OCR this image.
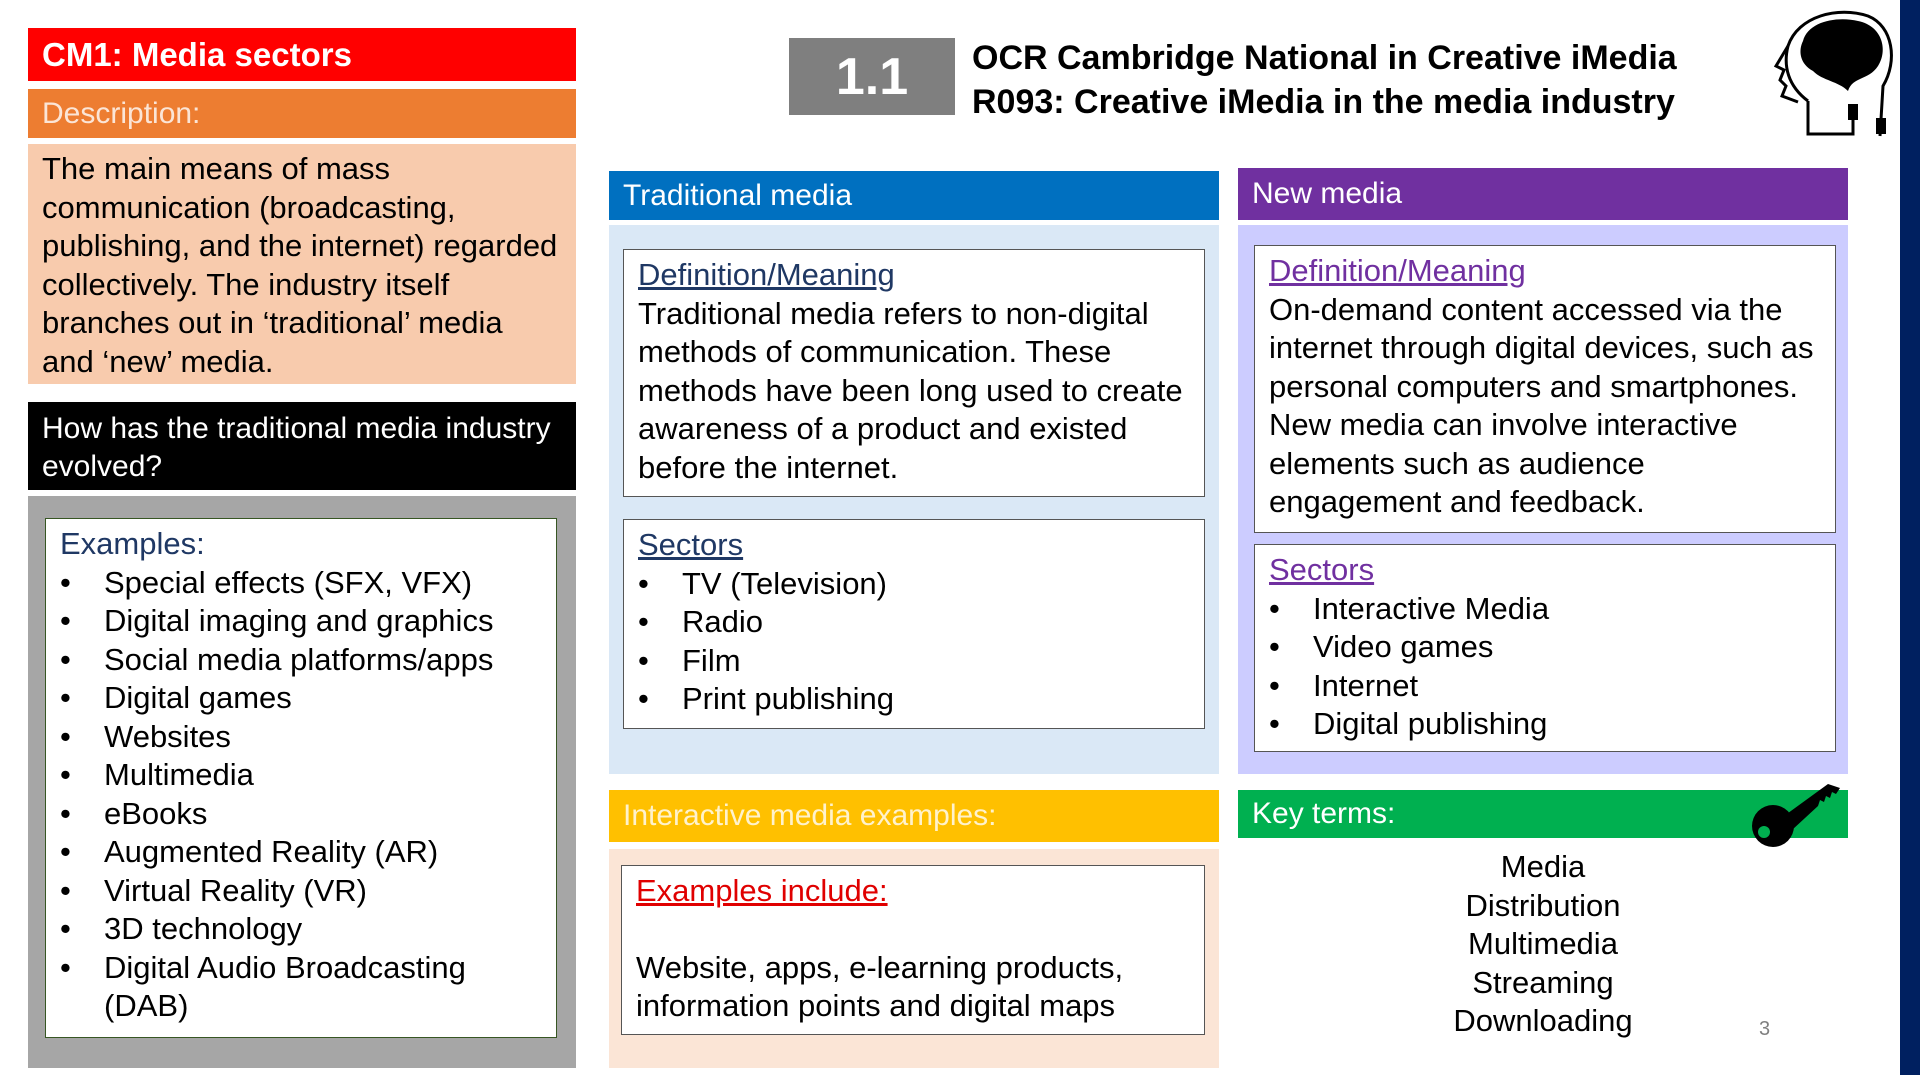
CM1: Media sectors
Description:
The main means of mass communication (broadcasting, publishing, and the internet) regarded collectively. The industry itself branches out in ‘traditional’ media and ‘new’ media.
How has the traditional media industry evolved?
Examples:
• Special effects (SFX, VFX)
• Digital imaging and graphics
• Social media platforms/apps
• Digital games
• Websites
• Multimedia
• eBooks
• Augmented Reality (AR)
• Virtual Reality (VR)
• 3D technology
• Digital Audio Broadcasting (DAB)
1.1	OCR Cambridge National in Creative iMedia
R093: Creative iMedia in the media industry
Traditional media
Definition/Meaning
Traditional media refers to non-digital methods of communication. These methods have been long used to create awareness of a product and existed before the internet.
Sectors
• TV (Television)
• Radio
• Film
• Print publishing
Interactive media examples:
Examples include:
Website, apps, e-learning products, information points and digital maps
New media
Definition/Meaning
On-demand content accessed via the internet through digital devices, such as personal computers and smartphones. New media can involve interactive elements such as audience engagement and feedback.
Sectors
• Interactive Media
• Video games
• Internet
• Digital publishing
Key terms:
Media
Distribution
Multimedia
Streaming
Downloading	3
